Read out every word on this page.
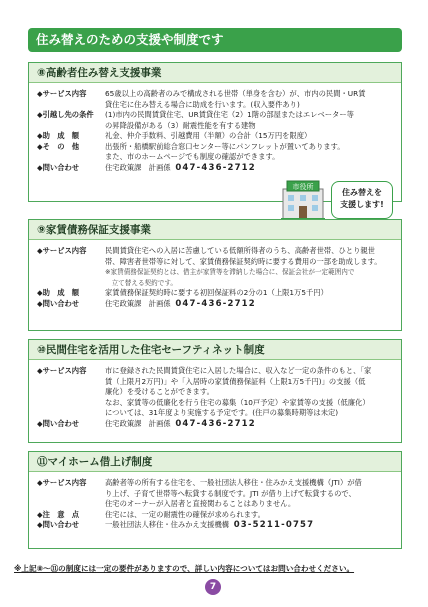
住み替えのための支援や制度です
⑧高齢者住み替え支援事業
◆サービス内容	65歳以上の高齢者のみで構成される世帯（単身を含む）が、市内の民間・UR賃
貸住宅に住み替える場合に助成を行います。(収入要件あり)
◆引越し先の条件	(1)市内の民間賃貸住宅、UR賃貸住宅（2）1階の部屋またはエレベーター等
の昇降設備がある（3）耐震性能を有する建物
◆助　成　額	礼金、仲介手数料、引越費用（半額）の合計（15万円を限度）
◆そ　の　他	出張所・船橋駅前総合窓口センター等にパンフレットが置いてあります。
また、市のホームページでも制度の確認ができます。
◆問い合わせ	住宅政策課　計画係 047-436-2712
市役所
住み替えを
支援します!
⑨家賃債務保証支援事業
◆サービス内容	民間賃貸住宅への入居に苦慮している低額所得者のうち、高齢者世帯、ひとり親世
帯、障害者世帯等に対して、家賃債務保証契約時に要する費用の一部を助成します。
※家賃債務保証契約とは、借主が家賃等を滞納した場合に、保証会社が一定範囲内で
　立て替える契約です。
◆助　成　額	家賃債務保証契約時に要する初回保証料の2分の1（上限1万5千円）
◆問い合わせ	住宅政策課　計画係 047-436-2712
⑩民間住宅を活用した住宅セーフティネット制度
◆サービス内容	市に登録された民間賃貸住宅に入居した場合に、収入など一定の条件のもと、「家
賃（上限月2万円)」や「入居時の家賃債務保証料（上限1万5千円)」の支援（低
廉化）を受けることができます。
なお、家賃等の低廉化を行う住宅の募集（10戸予定）や家賃等の支援（低廉化）
については、31年度より実施する予定です。(住戸の募集時期等は未定)
◆問い合わせ	住宅政策課　計画係 047-436-2712
⑪マイホーム借上げ制度
◆サービス内容	高齢者等の所有する住宅を、一般社団法人移住・住みかえ支援機構（JTI）が借
り上げ、子育て世帯等へ転貸する制度です。JTI が借り上げて転貸するので、
住宅のオーナーが入居者と直接関わることはありません。
◆注　意　点	住宅には、一定の耐震性の確保が求められます。
◆問い合わせ	一般社団法人移住・住みかえ支援機構 03-5211-0757
※上記⑧～⑪の制度には一定の要件がありますので、詳しい内容についてはお問い合わせください。
7
